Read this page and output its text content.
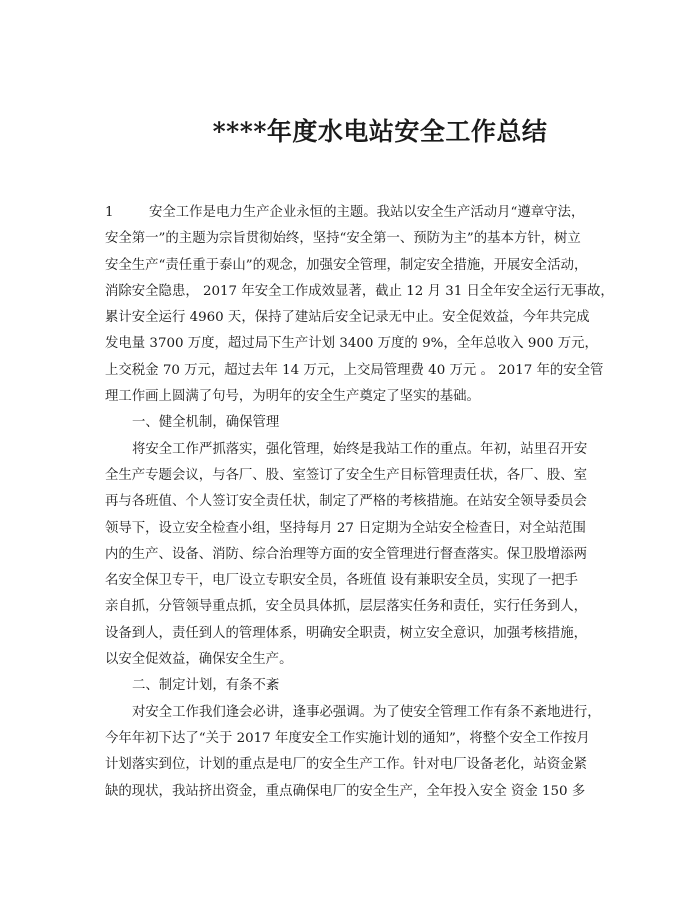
****年度水电站安全工作总结
1	安全工作是电力生产企业永恒的主题。我站以安全生产活动月“遵章守法，
安全第一”的主题为宗旨贯彻始终，坚持“安全第一、预防为主”的基本方针，树立
安全生产“责任重于泰山”的观念，加强安全管理，制定安全措施，开展安全活动，
消除安全隐患， 2017 年安全工作成效显著，截止 12 月 31 日全年安全运行无事故，
累计安全运行 4960 天，保持了建站后安全记录无中止。安全促效益，今年共完成
发电量 3700 万度，超过局下生产计划 3400 万度的 9%，全年总收入 900 万元，
上交税金 70 万元，超过去年 14 万元，上交局管理费 40 万元 。 2017 年的安全管
理工作画上圆满了句号，为明年的安全生产奠定了坚实的基础。
一、健全机制，确保管理
将安全工作严抓落实，强化管理，始终是我站工作的重点。年初，站里召开安
全生产专题会议，与各厂、股、室签订了安全生产目标管理责任状，各厂、股、室
再与各班值、个人签订安全责任状，制定了严格的考核措施。在站安全领导委员会
领导下，设立安全检查小组，坚持每月 27 日定期为全站安全检查日，对全站范围
内的生产、设备、消防、综合治理等方面的安全管理进行督查落实。保卫股增添两
名安全保卫专干，电厂设立专职安全员，各班值 设有兼职安全员，实现了一把手
亲自抓，分管领导重点抓，安全员具体抓，层层落实任务和责任，实行任务到人，
设备到人，责任到人的管理体系，明确安全职责，树立安全意识，加强考核措施，
以安全促效益，确保安全生产。
二、制定计划，有条不紊
对安全工作我们逢会必讲，逢事必强调。为了使安全管理工作有条不紊地进行，
今年年初下达了“关于 2017 年度安全工作实施计划的通知”，将整个安全工作按月
计划落实到位，计划的重点是电厂的安全生产工作。针对电厂设备老化，站资金紧
缺的现状，我站挤出资金，重点确保电厂的安全生产，全年投入安全 资金 150 多
